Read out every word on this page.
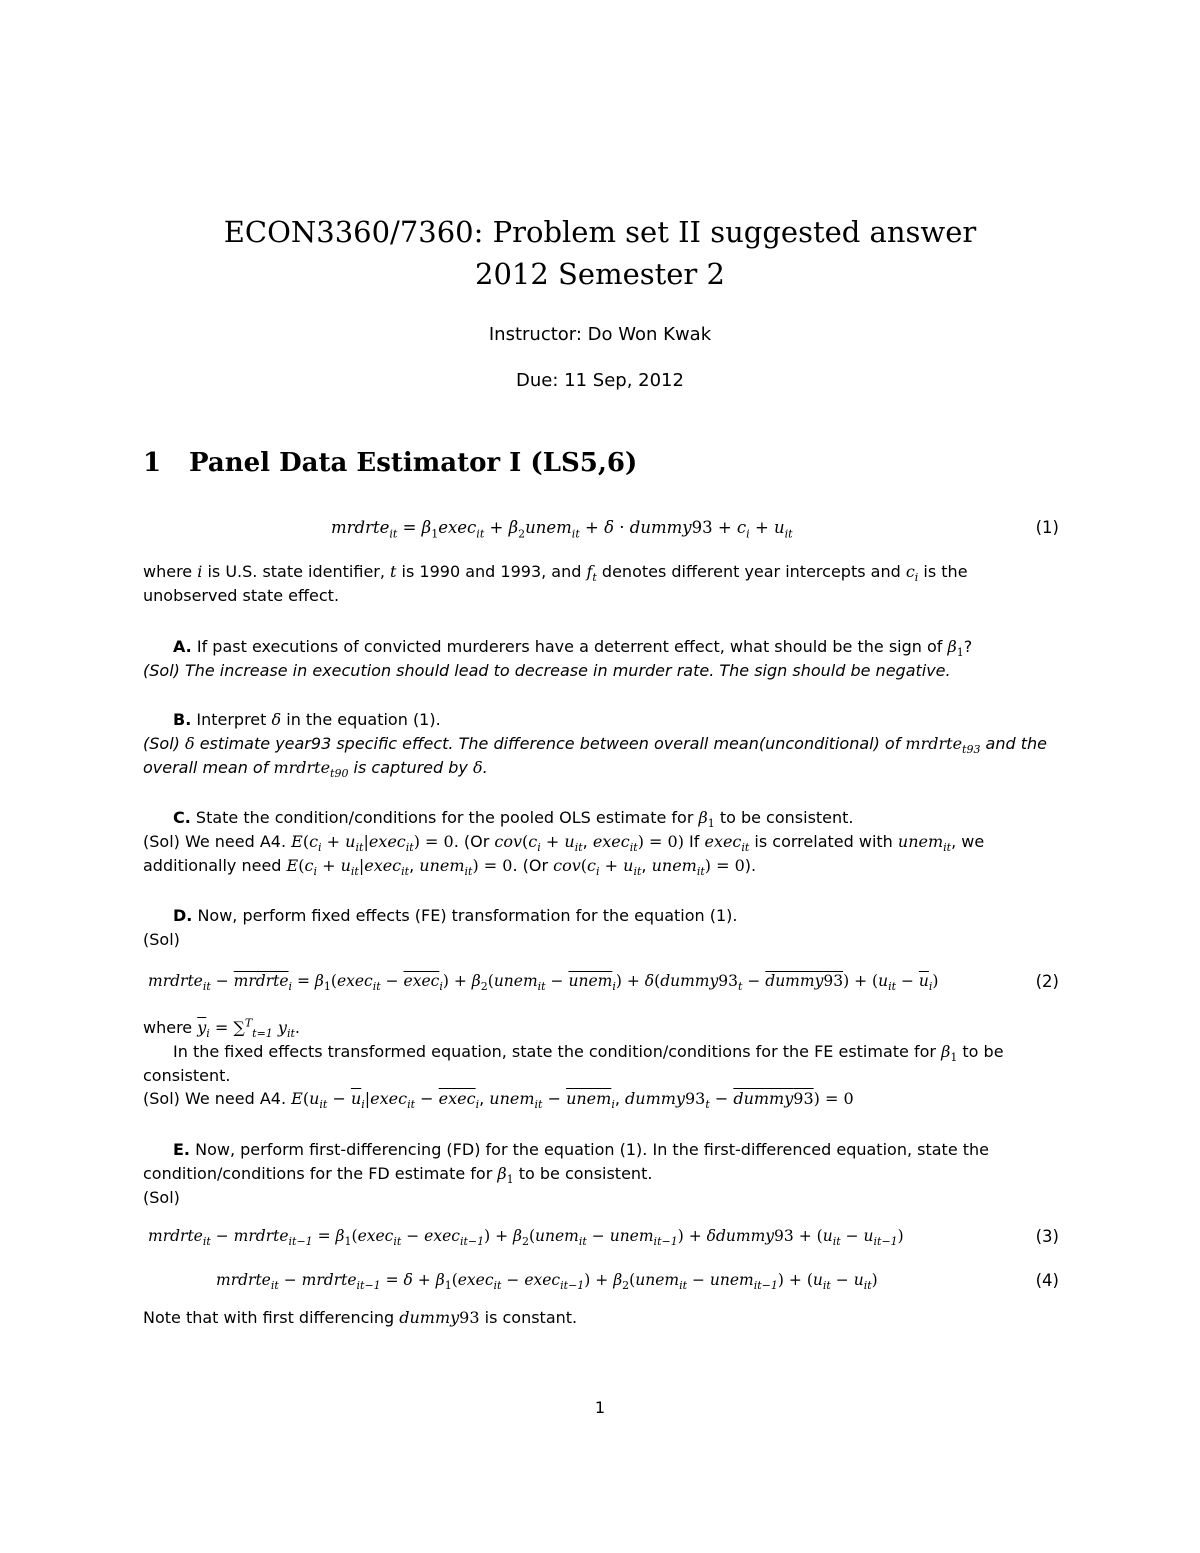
ECON3360/7360: Problem set II suggested answer
2012 Semester 2
Instructor: Do Won Kwak
Due: 11 Sep, 2012
1 Panel Data Estimator I (LS5,6)
mrdrte$_{it}$ = $\beta_1exec_{it}$ + $\beta_2unem_{it} + \delta$ · dummy93 + $c_i + u_{it}$	(1)
where i is U.S. state identifier, t is 1990 and 1993, and $f_t$ denotes different year intercepts and $c_i$ is the unobserved state effect.
A. If past executions of convicted murderers have a deterrent effect, what should be the sign of $\beta_1$?
(Sol) The increase in execution should lead to decrease in murder rate. The sign should be negative.
B. Interpret δ in the equation (1).
(Sol) δ estimate year93 specific effect. The difference between overall mean(unconditional) of mrdrte$_{t93}$ and the overall mean of mrdrte$_{t90}$ is captured by δ.
C. State the condition/conditions for the pooled OLS estimate for $\beta_1$ to be consistent.
(Sol) We need A4. $E(c_i$ + $u_{it}|exec_{it}) = 0$. (Or $cov(c_i + u_{it}$, exec$_{it}$) = 0) If exec$_{it}$ is correlated with unem$_{it}$, we additionally need $E(c_i$ + $u_{it}|exec_{it}$, unem$_{it}$) = 0. (Or $cov(c_i + u_{it}$, unem$_{it}$) = 0).
D. Now, perform fixed effects (FE) transformation for the equation (1).
(Sol)
mrdrte$_{it}$ − mrdrte$_i$ = $\beta_1(exec_{it}$ − exec$_i$) + $\beta_2(unem_{it}$ − unem$_i$) + $\delta(dummy93_t$ − dummy93) + $(u_{it} - \overline{u}_i)$	(2)
where $\overline{y}_i = \sum^T_{t=1}$ $y_{it}$.
In the fixed effects transformed equation, state the condition/conditions for the FE estimate for $\beta_1$ to be consistent.
(Sol) We need A4. $E(u_{it}$ − $\overline{u}_i|exec_{it}$ − exec$_i$, unem$_{it}$ − unem$_i$, $dummy93_t$ − dummy93) = 0
E. Now, perform first-differencing (FD) for the equation (1). In the first-differenced equation, state the condition/conditions for the FD estimate for $\beta_1$ to be consistent.
(Sol)
mrdrte$_{it}$ − mrdrte$_{it-1}$ = $\beta_1(exec_{it}$ − exec$_{it-1}$) + $\beta_2(unem_{it}$ − unem$_{it-1}$) + δdummy93 + $(u_{it} - u_{it-1})$	(3)
mrdrte$_{it}$ − mrdrte$_{it-1}$ = $\delta + \beta_1(exec_{it}$ − exec$_{it-1}$) + $\beta_2(unem_{it}$ − unem$_{it-1}$) + $(u_{it} - u_{it})$	(4)
Note that with first differencing dummy93 is constant.
1
